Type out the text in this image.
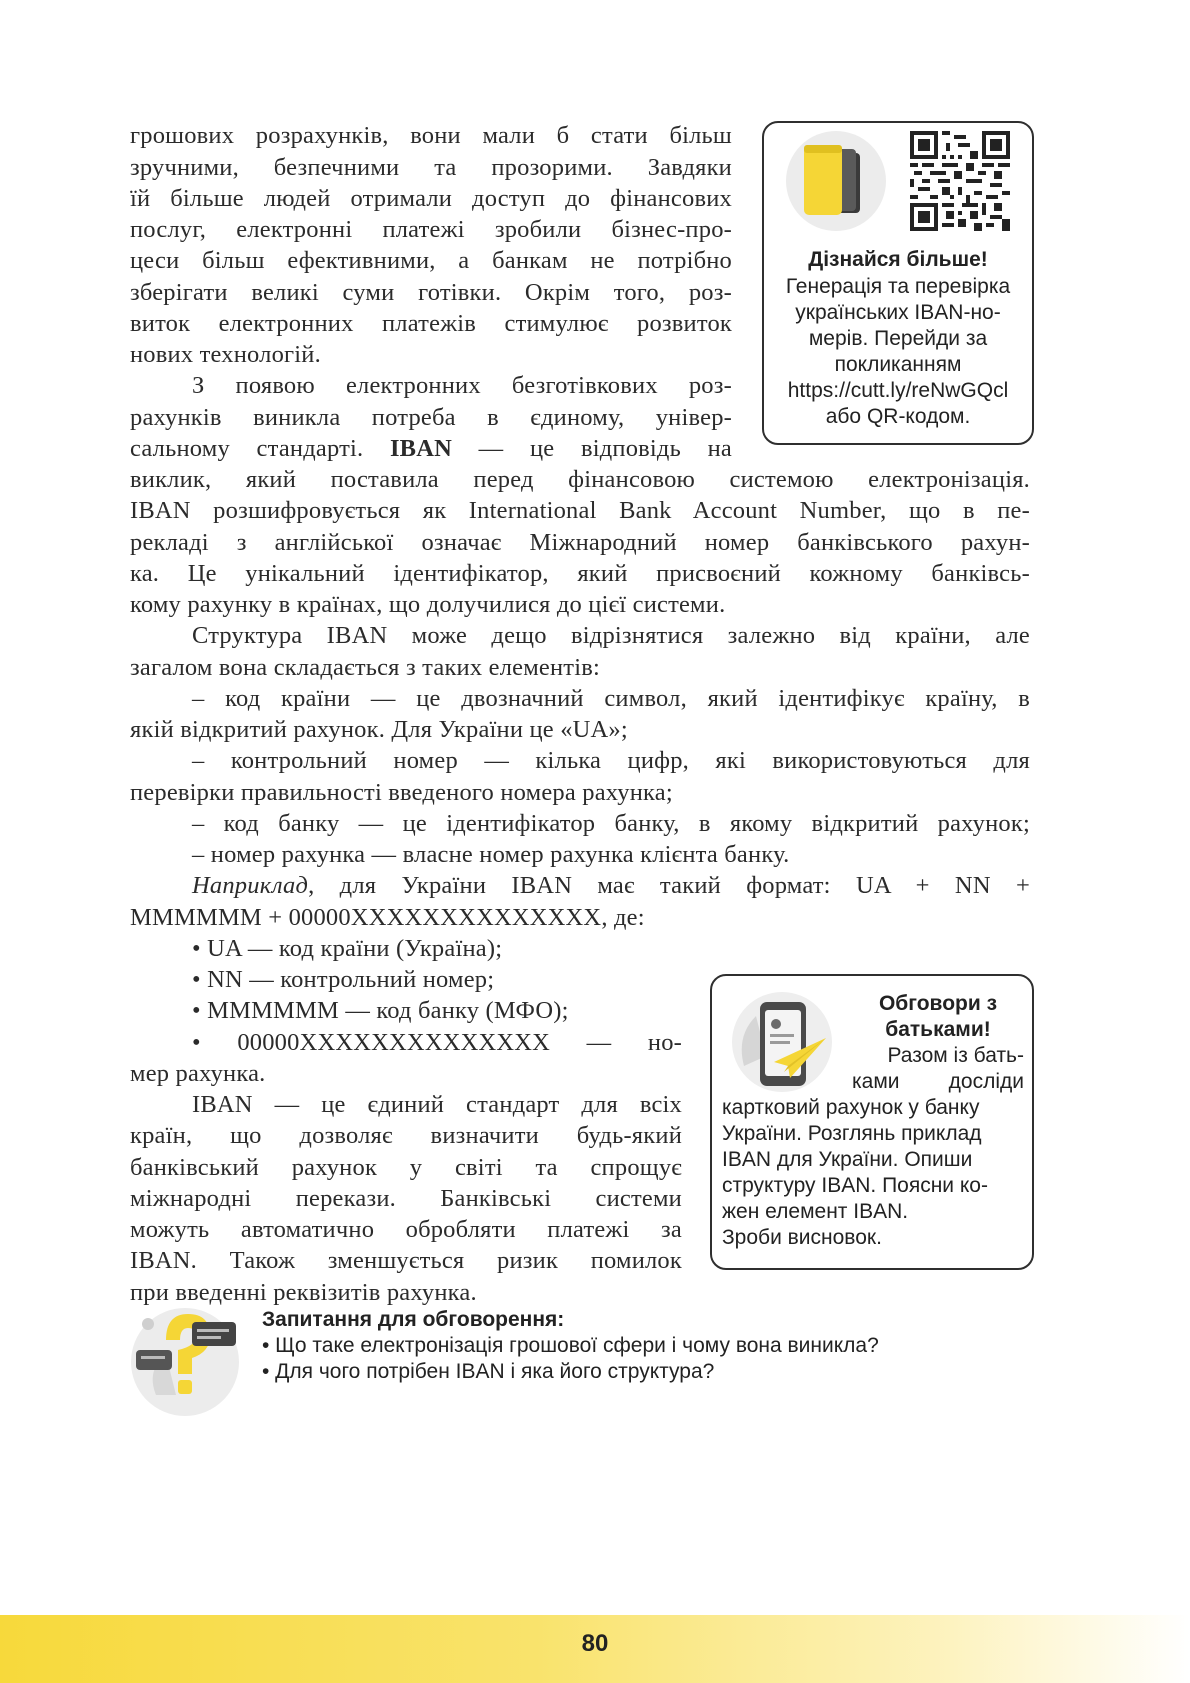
грошових розрахунків, вони мали б стати більш
зручними, безпечними та прозорими. Завдяки
їй більше людей отримали доступ до фінансових
послуг, електронні платежі зробили бізнес-про-
цеси більш ефективними, а банкам не потрібно
зберігати великі суми готівки. Окрім того, роз-
виток електронних платежів стимулює розвиток
нових технологій.
З появою електронних безготівкових роз-
рахунків виникла потреба в єдиному, універ-
сальному стандарті. IBAN — це відповідь на
виклик, який поставила перед фінансовою системою електронізація.
IBAN розшифровується як International Bank Account Number, що в пе-
рекладі з англійської означає Міжнародний номер банківського рахун-
ка. Це унікальний ідентифікатор, який присвоєний кожному банківсь-
кому рахунку в країнах, що долучилися до цієї системи.
Структура IBAN може дещо відрізнятися залежно від країни, але
загалом вона складається з таких елементів:
– код країни — це двозначний символ, який ідентифікує країну, в
якій відкритий рахунок. Для України це «UA»;
– контрольний номер — кілька цифр, які використовуються для
перевірки правильності введеного номера рахунка;
– код банку — це ідентифікатор банку, в якому відкритий рахунок;
– номер рахунка — власне номер рахунка клієнта банку.
Наприклад, для України IBAN має такий формат: UA + NN +
MMMMMM + 00000XXXXXXXXXXXXXX, де:
• UA — код країни (Україна);
• NN — контрольний номер;
• MMMMMM — код банку (МФО);
• 00000XXXXXXXXXXXXXX — но-
мер рахунка.
IBAN — це єдиний стандарт для всіх
країн, що дозволяє визначити будь-який
банківський рахунок у світі та спрощує
міжнародні перекази. Банківські системи
можуть автоматично обробляти платежі за
IBAN. Також зменшується ризик помилок
при введенні реквізитів рахунка.
Дізнайся більше!
Генерація та перевірка
українських IBAN-но-
мерів. Перейди за
покликанням
https://cutt.ly/reNwGQcl
або QR-кодом.
Обговори з
батьками!
Разом із бать-
ками досліди
картковий рахунок у банку
України. Розглянь приклад
IBAN для України. Опиши
структуру IBAN. Поясни ко-
жен елемент IBAN.
Зроби висновок.
Запитання для обговорення:
• Що таке електронізація грошової сфери і чому вона виникла?
• Для чого потрібен IBAN і яка його структура?
80
